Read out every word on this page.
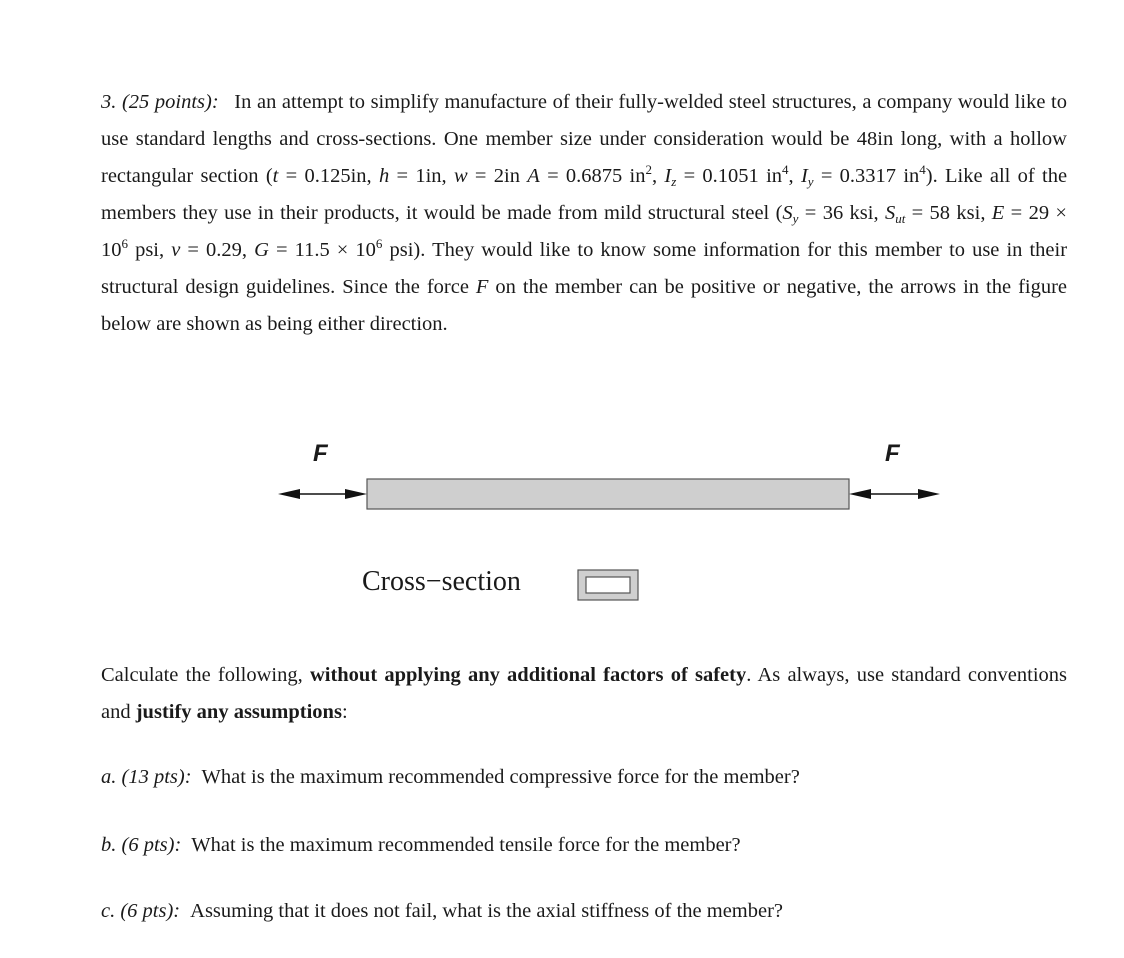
3. (25 points): In an attempt to simplify manufacture of their fully-welded steel structures, a company would like to use standard lengths and cross-sections. One member size under consideration would be 48in long, with a hollow rectangular section (t = 0.125in, h = 1in, w = 2in A = 0.6875 $in^2$, $I_z = 0.1051$ $in^4$, $I_y = 0.3317$ $in^4$). Like all of the members they use in their products, it would be made from mild structural steel ($S_y = 36$ ksi, $S_{ut} = 58$ ksi, $E = 29 \times 10^6$ psi, ν = 0.29, $G = 11.5 \times 10^6$ psi). They would like to know some information for this member to use in their structural design guidelines. Since the force F on the member can be positive or negative, the arrows in the figure below are shown as being either direction.
F	F
Cross−section
Calculate the following, without applying any additional factors of safety. As always, use standard conventions and justify any assumptions:
a. (13 pts): What is the maximum recommended compressive force for the member?
b. (6 pts): What is the maximum recommended tensile force for the member?
c. (6 pts): Assuming that it does not fail, what is the axial stiffness of the member?
